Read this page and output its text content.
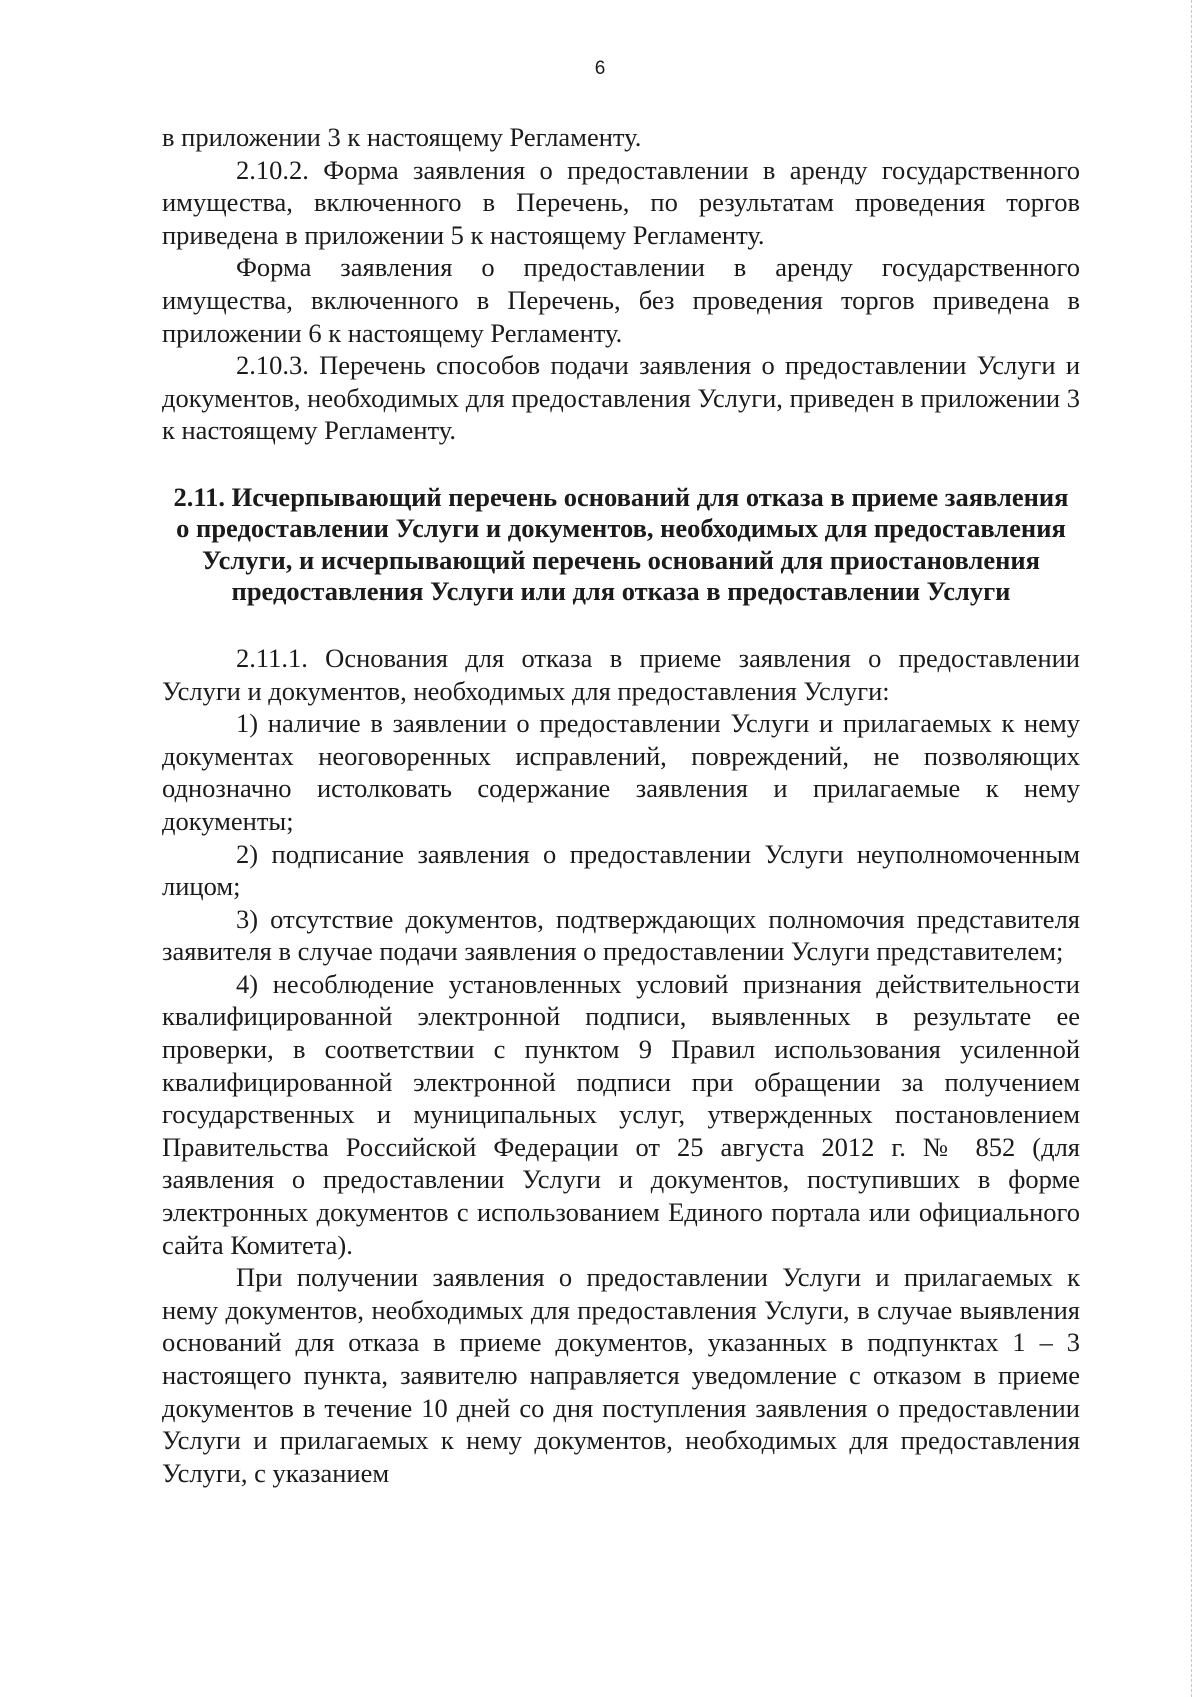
6

в приложении 3 к настоящему Регламенту.

2.10.2. Форма заявления о предоставлении в аренду государственного имущества, включенного в Перечень, по результатам проведения торгов приведена в приложении 5 к настоящему Регламенту.

Форма заявления о предоставлении в аренду государственного имущества, включенного в Перечень, без проведения торгов приведена в приложении 6 к настоящему Регламенту.

2.10.3. Перечень способов подачи заявления о предоставлении Услуги и документов, необходимых для предоставления Услуги, приведен в приложении 3 к настоящему Регламенту.

2.11. Исчерпывающий перечень оснований для отказа в приеме заявления о предоставлении Услуги и документов, необходимых для предоставления Услуги, и исчерпывающий перечень оснований для приостановления предоставления Услуги или для отказа в предоставлении Услуги

2.11.1. Основания для отказа в приеме заявления о предоставлении Услуги и документов, необходимых для предоставления Услуги:

1) наличие в заявлении о предоставлении Услуги и прилагаемых к нему документах неоговоренных исправлений, повреждений, не позволяющих однозначно истолковать содержание заявления и прилагаемые к нему документы;

2) подписание заявления о предоставлении Услуги неуполномоченным лицом;

3) отсутствие документов, подтверждающих полномочия представителя заявителя в случае подачи заявления о предоставлении Услуги представителем;

4) несоблюдение установленных условий признания действительности квалифицированной электронной подписи, выявленных в результате ее проверки, в соответствии с пунктом 9 Правил использования усиленной квалифицированной электронной подписи при обращении за получением государственных и муниципальных услуг, утвержденных постановлением Правительства Российской Федерации от 25 августа 2012 г. № 852 (для заявления о предоставлении Услуги и документов, поступивших в форме электронных документов с использованием Единого портала или официального сайта Комитета).

При получении заявления о предоставлении Услуги и прилагаемых к нему документов, необходимых для предоставления Услуги, в случае выявления оснований для отказа в приеме документов, указанных в подпунктах 1 – 3 настоящего пункта, заявителю направляется уведомление с отказом в приеме документов в течение 10 дней со дня поступления заявления о предоставлении Услуги и прилагаемых к нему документов, необходимых для предоставления Услуги, с указанием
